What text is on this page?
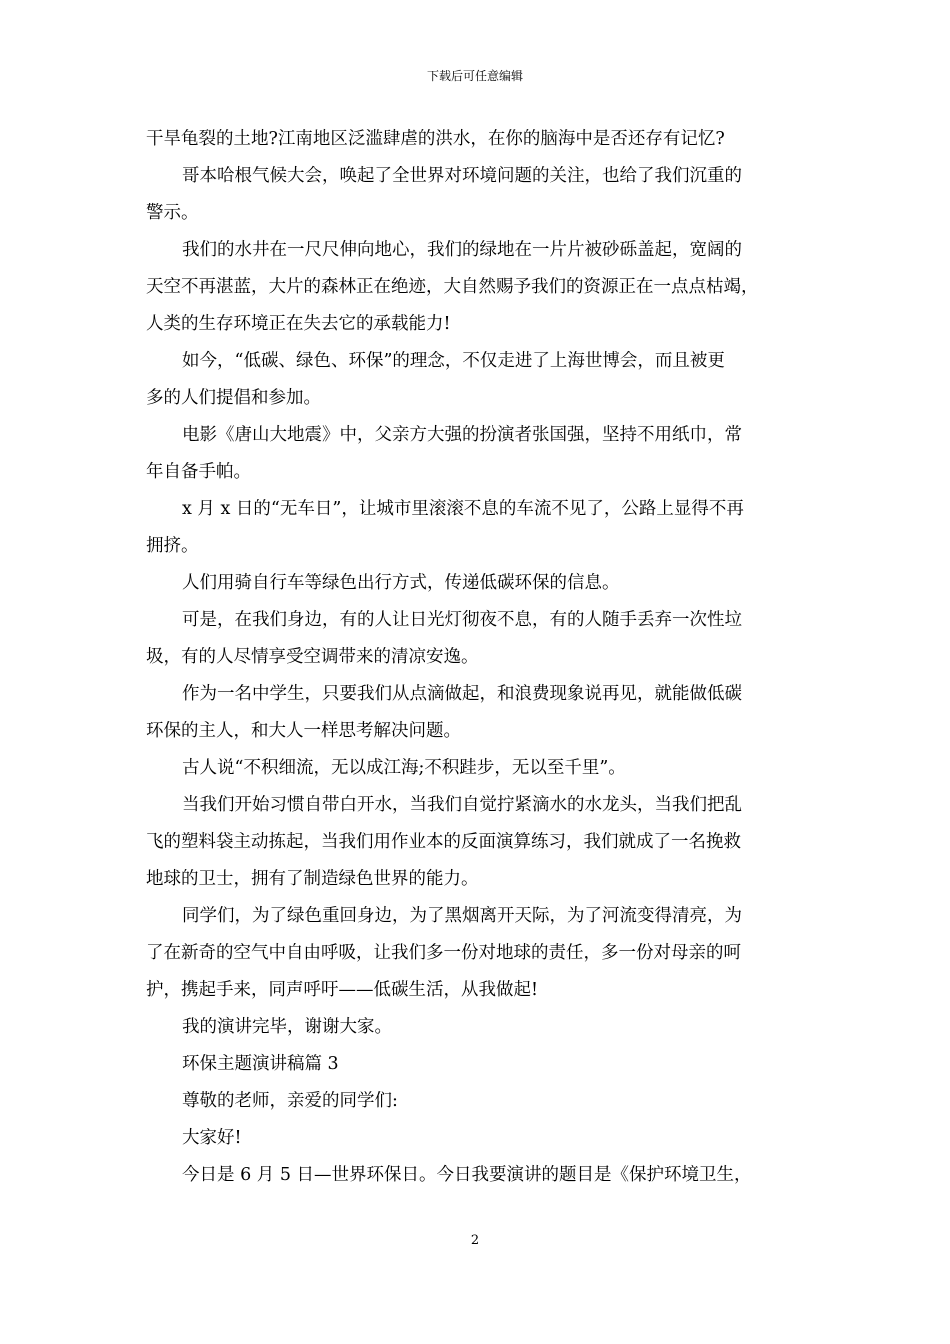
下载后可任意编辑
干旱龟裂的土地?江南地区泛滥肆虐的洪水，在你的脑海中是否还存有记忆?
哥本哈根气候大会，唤起了全世界对环境问题的关注，也给了我们沉重的
警示。
我们的水井在一尺尺伸向地心，我们的绿地在一片片被砂砾盖起，宽阔的
天空不再湛蓝，大片的森林正在绝迹，大自然赐予我们的资源正在一点点枯竭，
人类的生存环境正在失去它的承载能力!
如今，“低碳、绿色、环保”的理念，不仅走进了上海世博会，而且被更
多的人们提倡和参加。
电影《唐山大地震》中，父亲方大强的扮演者张国强，坚持不用纸巾，常
年自备手帕。
x 月 x 日的“无车日”，让城市里滚滚不息的车流不见了，公路上显得不再
拥挤。
人们用骑自行车等绿色出行方式，传递低碳环保的信息。
可是，在我们身边，有的人让日光灯彻夜不息，有的人随手丢弃一次性垃
圾，有的人尽情享受空调带来的清凉安逸。
作为一名中学生，只要我们从点滴做起，和浪费现象说再见，就能做低碳
环保的主人，和大人一样思考解决问题。
古人说“不积细流，无以成江海;不积跬步，无以至千里”。
当我们开始习惯自带白开水，当我们自觉拧紧滴水的水龙头，当我们把乱
飞的塑料袋主动拣起，当我们用作业本的反面演算练习，我们就成了一名挽救
地球的卫士，拥有了制造绿色世界的能力。
同学们，为了绿色重回身边，为了黑烟离开天际，为了河流变得清亮，为
了在新奇的空气中自由呼吸，让我们多一份对地球的责任，多一份对母亲的呵
护，携起手来，同声呼吁——低碳生活，从我做起!
我的演讲完毕，谢谢大家。
环保主题演讲稿篇 3
尊敬的老师，亲爱的同学们:
大家好!
今日是 6 月 5 日—世界环保日。今日我要演讲的题目是《保护环境卫生，
2
